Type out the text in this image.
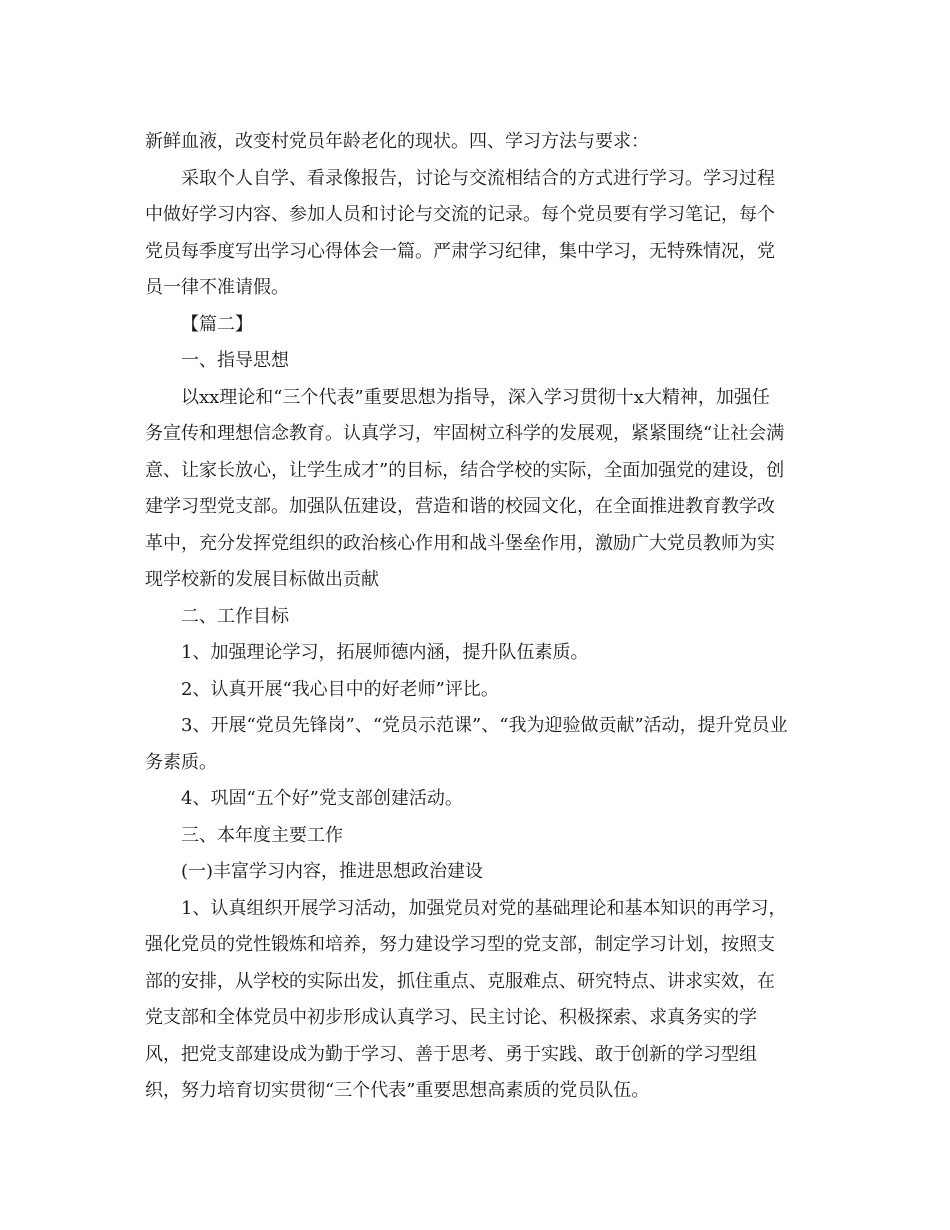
新鲜血液，改变村党员年龄老化的现状。四、学习方法与要求：
采取个人自学、看录像报告，讨论与交流相结合的方式进行学习。学习过程
中做好学习内容、参加人员和讨论与交流的记录。每个党员要有学习笔记，每个
党员每季度写出学习心得体会一篇。严肃学习纪律，集中学习，无特殊情况，党
员一律不准请假。
【篇二】
一、指导思想
以xx理论和“三个代表”重要思想为指导，深入学习贯彻十x大精神，加强任
务宣传和理想信念教育。认真学习，牢固树立科学的发展观，紧紧围绕“让社会满
意、让家长放心，让学生成才”的目标，结合学校的实际，全面加强党的建设，创
建学习型党支部。加强队伍建设，营造和谐的校园文化，在全面推进教育教学改
革中，充分发挥党组织的政治核心作用和战斗堡垒作用，激励广大党员教师为实
现学校新的发展目标做出贡献
二、工作目标
1、加强理论学习，拓展师德内涵，提升队伍素质。
2、认真开展“我心目中的好老师”评比。
3、开展“党员先锋岗”、“党员示范课”、“我为迎验做贡献”活动，提升党员业
务素质。
4、巩固“五个好”党支部创建活动。
三、本年度主要工作
(一)丰富学习内容，推进思想政治建设
1、认真组织开展学习活动，加强党员对党的基础理论和基本知识的再学习，
强化党员的党性锻炼和培养，努力建设学习型的党支部，制定学习计划，按照支
部的安排，从学校的实际出发，抓住重点、克服难点、研究特点、讲求实效，在
党支部和全体党员中初步形成认真学习、民主讨论、积极探索、求真务实的学
风，把党支部建设成为勤于学习、善于思考、勇于实践、敢于创新的学习型组
织，努力培育切实贯彻“三个代表”重要思想高素质的党员队伍。
